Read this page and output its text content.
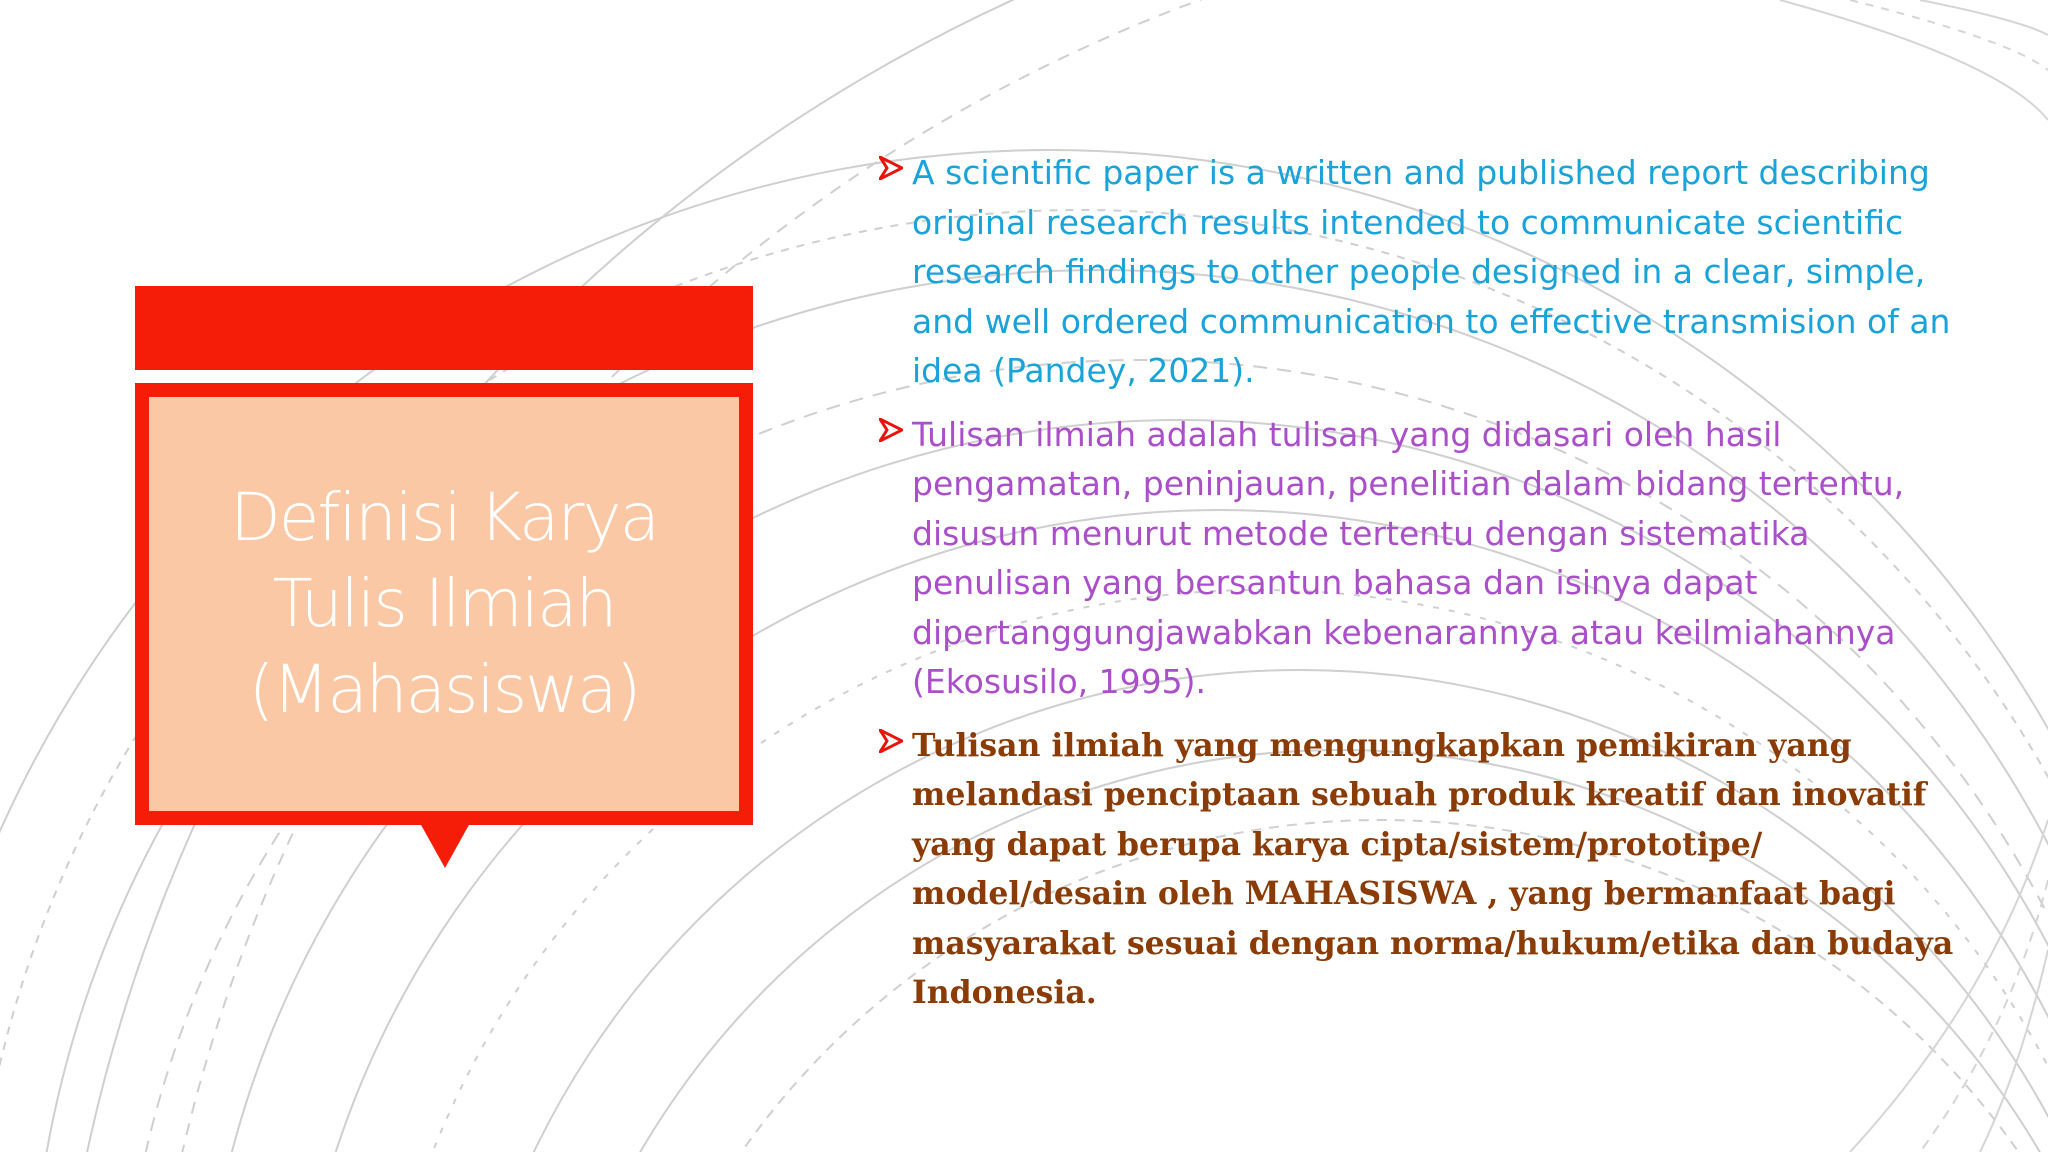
Definisi Karya
Tulis Ilmiah
(Mahasiswa)

A scientific paper is a written and published report describing original research results intended to communicate scientific research findings to other people designed in a clear, simple, and well ordered communication to effective transmision of an idea (Pandey, 2021).
Tulisan ilmiah adalah tulisan yang didasari oleh hasil pengamatan, peninjauan, penelitian dalam bidang tertentu, disusun menurut metode tertentu dengan sistematika penulisan yang bersantun bahasa dan isinya dapat dipertanggungjawabkan kebenarannya atau keilmiahannya (Ekosusilo, 1995).
Tulisan ilmiah yang mengungkapkan pemikiran yang melandasi penciptaan sebuah produk kreatif dan inovatif yang dapat berupa karya cipta/sistem/prototipe/ model/desain oleh MAHASISWA , yang bermanfaat bagi masyarakat sesuai dengan norma/hukum/etika dan budaya Indonesia.
